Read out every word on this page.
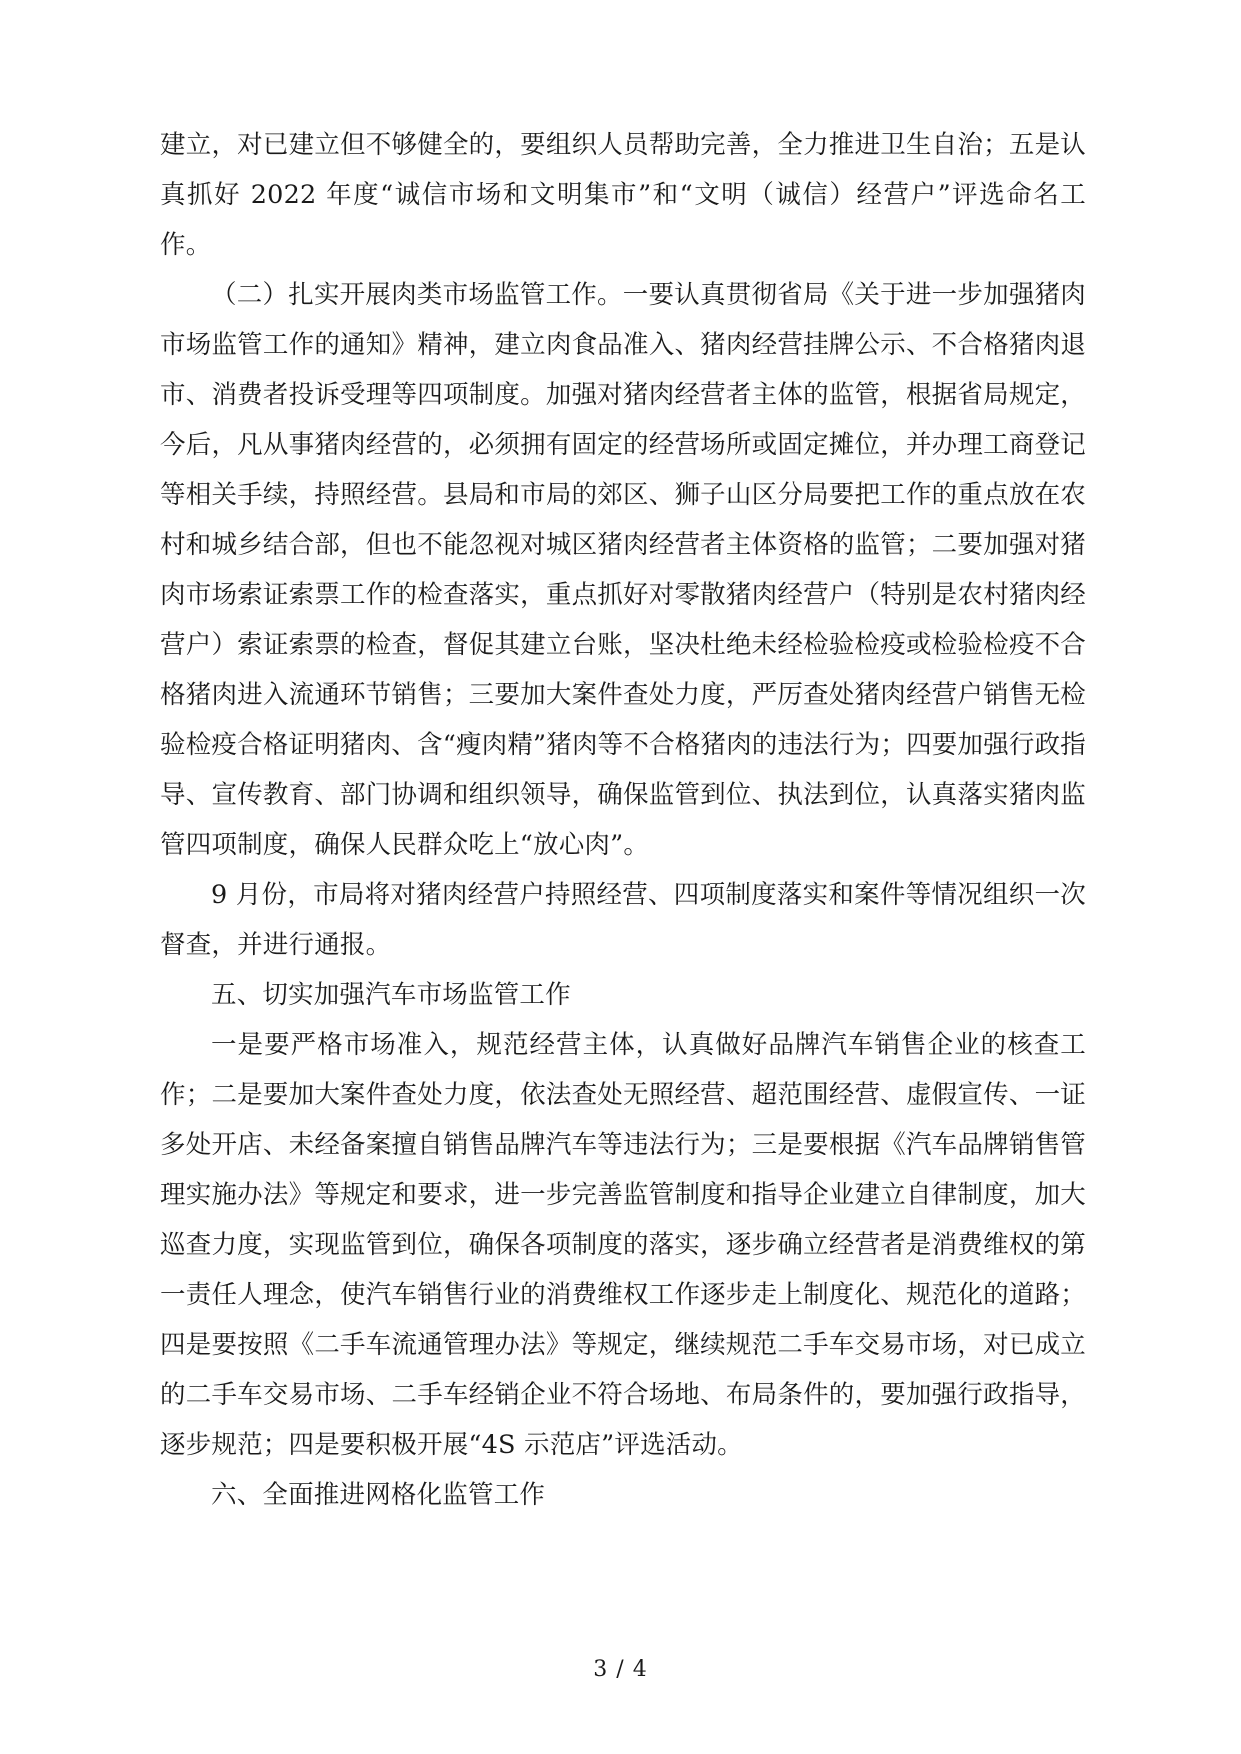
建立，对已建立但不够健全的，要组织人员帮助完善，全力推进卫生自治；五是认真抓好 2022 年度“诚信市场和文明集市”和“文明（诚信）经营户”评选命名工作。

（二）扎实开展肉类市场监管工作。一要认真贯彻省局《关于进一步加强猪肉市场监管工作的通知》精神，建立肉食品准入、猪肉经营挂牌公示、不合格猪肉退市、消费者投诉受理等四项制度。加强对猪肉经营者主体的监管，根据省局规定，今后，凡从事猪肉经营的，必须拥有固定的经营场所或固定摊位，并办理工商登记等相关手续，持照经营。县局和市局的郊区、狮子山区分局要把工作的重点放在农村和城乡结合部，但也不能忽视对城区猪肉经营者主体资格的监管；二要加强对猪肉市场索证索票工作的检查落实，重点抓好对零散猪肉经营户（特别是农村猪肉经营户）索证索票的检查，督促其建立台账，坚决杜绝未经检验检疫或检验检疫不合格猪肉进入流通环节销售；三要加大案件查处力度，严厉查处猪肉经营户销售无检验检疫合格证明猪肉、含“瘦肉精”猪肉等不合格猪肉的违法行为；四要加强行政指导、宣传教育、部门协调和组织领导，确保监管到位、执法到位，认真落实猪肉监管四项制度，确保人民群众吃上“放心肉”。

9 月份，市局将对猪肉经营户持照经营、四项制度落实和案件等情况组织一次督查，并进行通报。

五、切实加强汽车市场监管工作

一是要严格市场准入，规范经营主体，认真做好品牌汽车销售企业的核查工作；二是要加大案件查处力度，依法查处无照经营、超范围经营、虚假宣传、一证多处开店、未经备案擅自销售品牌汽车等违法行为；三是要根据《汽车品牌销售管理实施办法》等规定和要求，进一步完善监管制度和指导企业建立自律制度，加大巡查力度，实现监管到位，确保各项制度的落实，逐步确立经营者是消费维权的第一责任人理念，使汽车销售行业的消费维权工作逐步走上制度化、规范化的道路；四是要按照《二手车流通管理办法》等规定，继续规范二手车交易市场，对已成立的二手车交易市场、二手车经销企业不符合场地、布局条件的，要加强行政指导，逐步规范；四是要积极开展“4S 示范店”评选活动。

六、全面推进网格化监管工作

3 / 4
